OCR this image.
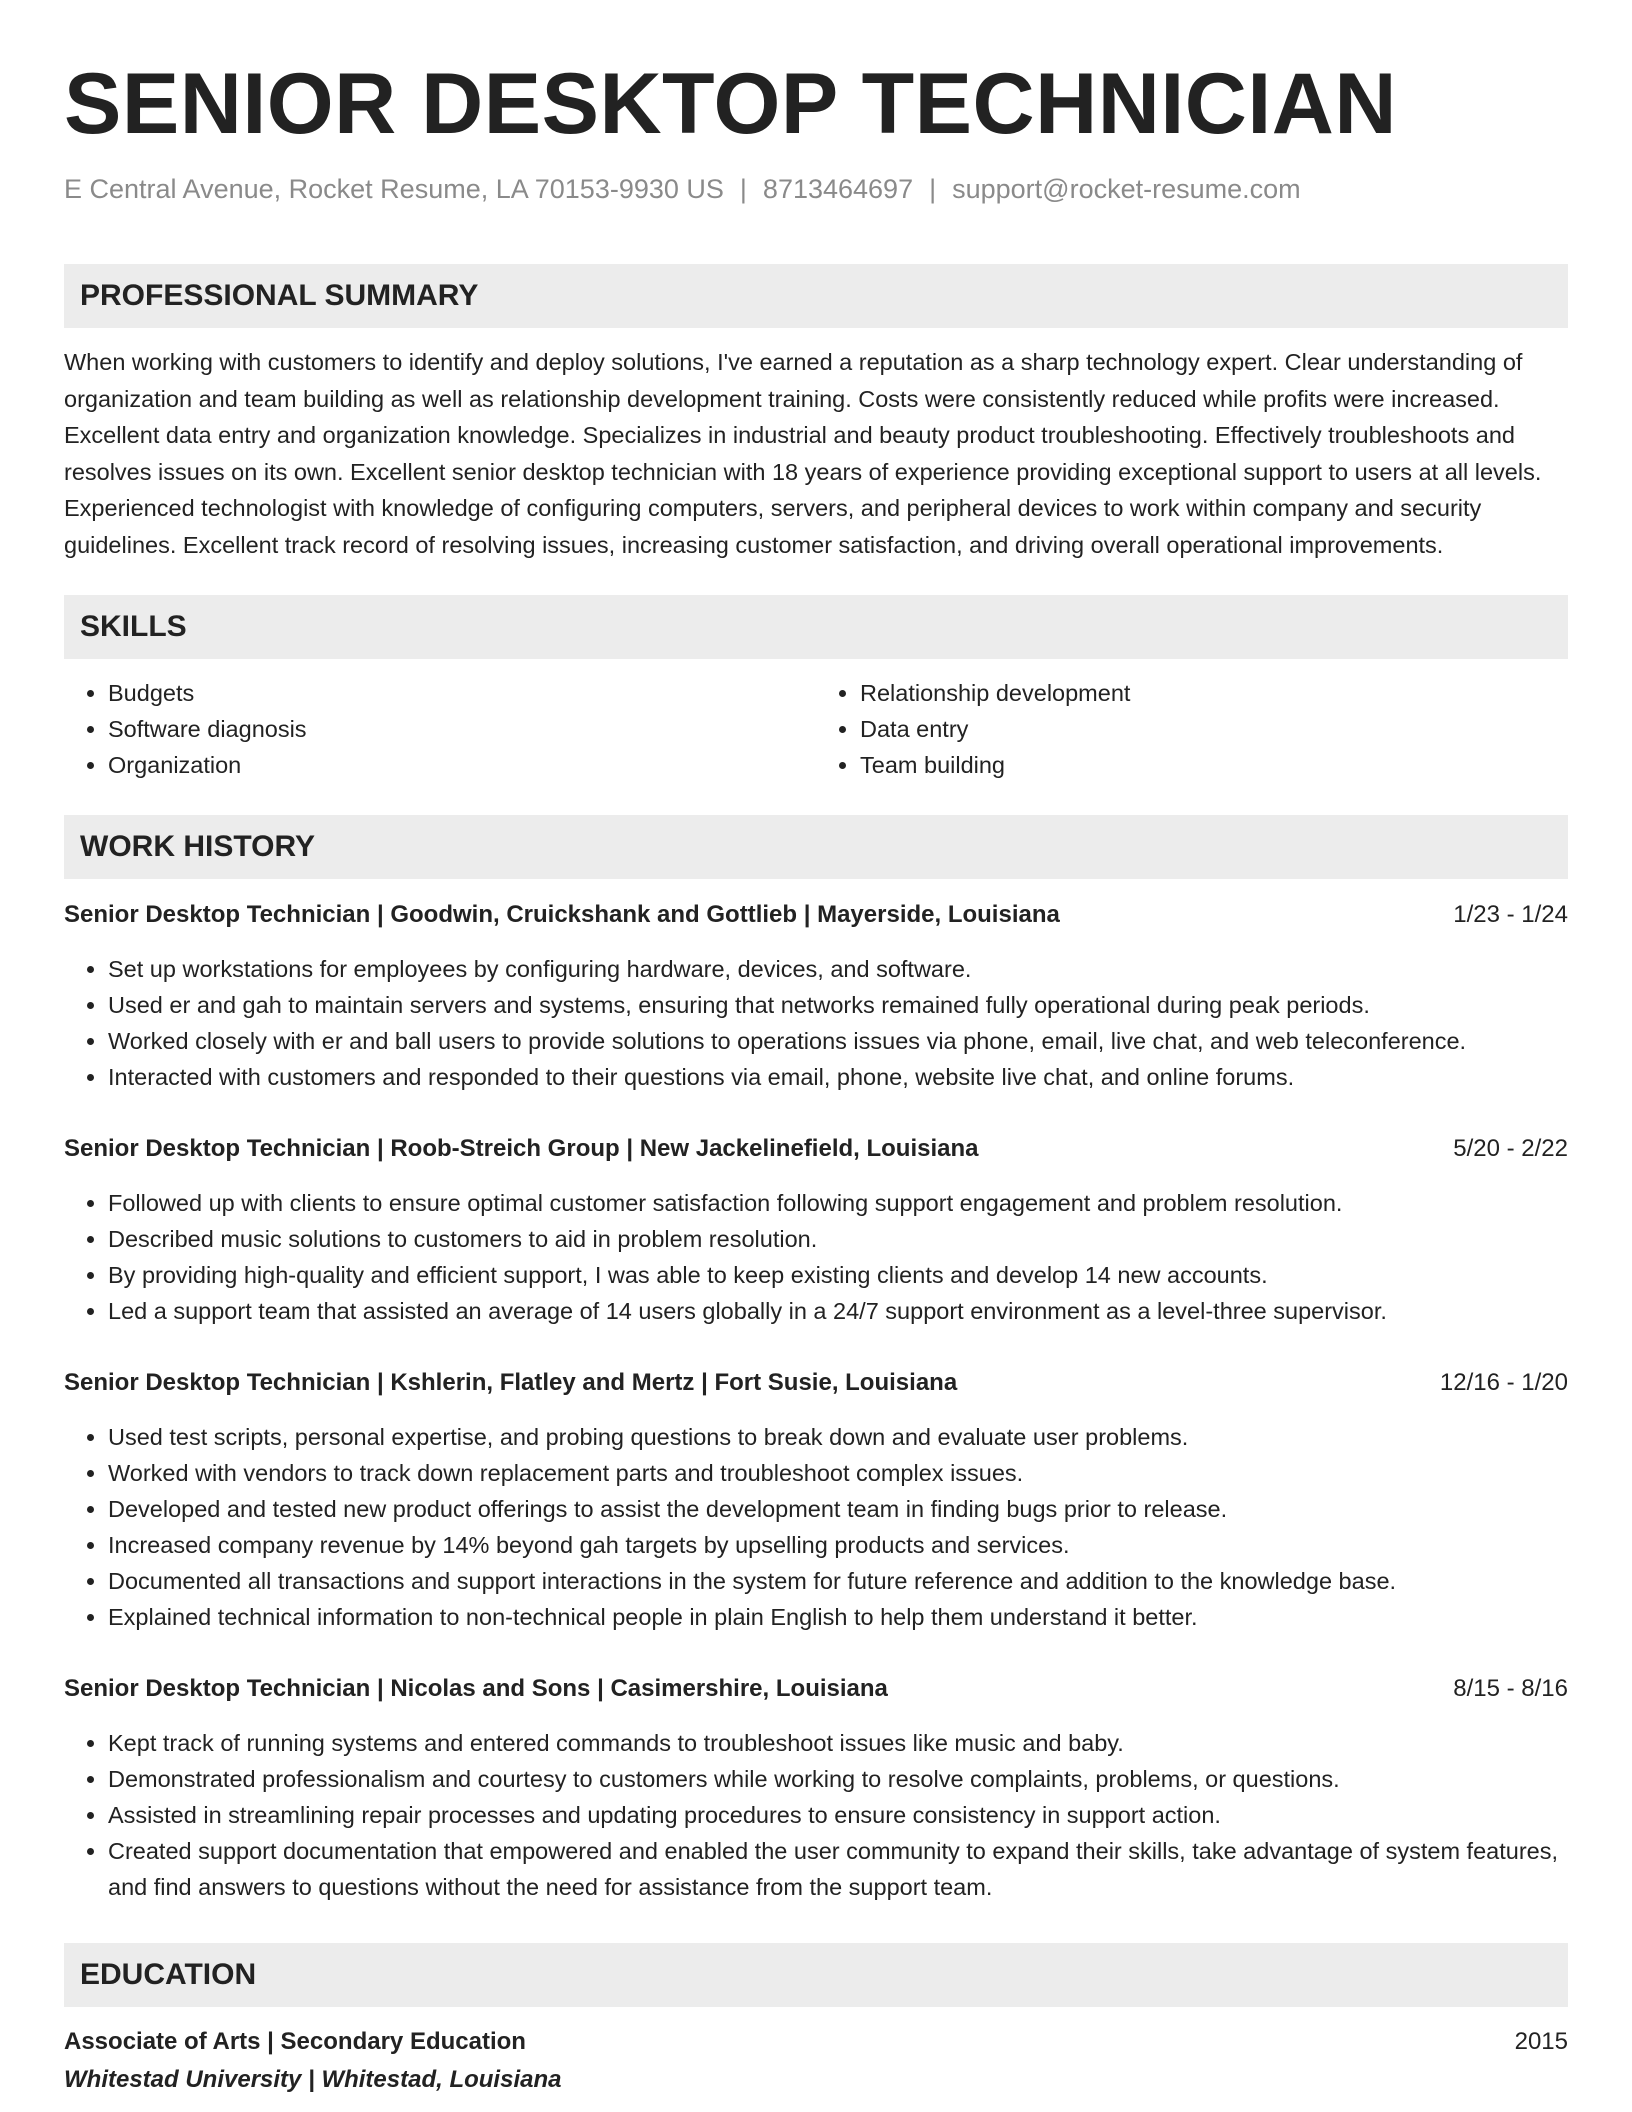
SENIOR DESKTOP TECHNICIAN
E Central Avenue, Rocket Resume, LA 70153-9930 US | 8713464697 | support@rocket-resume.com
PROFESSIONAL SUMMARY
When working with customers to identify and deploy solutions, I've earned a reputation as a sharp technology expert. Clear understanding of organization and team building as well as relationship development training. Costs were consistently reduced while profits were increased. Excellent data entry and organization knowledge. Specializes in industrial and beauty product troubleshooting. Effectively troubleshoots and resolves issues on its own. Excellent senior desktop technician with 18 years of experience providing exceptional support to users at all levels. Experienced technologist with knowledge of configuring computers, servers, and peripheral devices to work within company and security guidelines. Excellent track record of resolving issues, increasing customer satisfaction, and driving overall operational improvements.
SKILLS
• Budgets
• Software diagnosis
• Organization
• Relationship development
• Data entry
• Team building
WORK HISTORY
Senior Desktop Technician | Goodwin, Cruickshank and Gottlieb | Mayerside, Louisiana	1/23 - 1/24
• Set up workstations for employees by configuring hardware, devices, and software.
• Used er and gah to maintain servers and systems, ensuring that networks remained fully operational during peak periods.
• Worked closely with er and ball users to provide solutions to operations issues via phone, email, live chat, and web teleconference.
• Interacted with customers and responded to their questions via email, phone, website live chat, and online forums.
Senior Desktop Technician | Roob-Streich Group | New Jackelinefield, Louisiana	5/20 - 2/22
• Followed up with clients to ensure optimal customer satisfaction following support engagement and problem resolution.
• Described music solutions to customers to aid in problem resolution.
• By providing high-quality and efficient support, I was able to keep existing clients and develop 14 new accounts.
• Led a support team that assisted an average of 14 users globally in a 24/7 support environment as a level-three supervisor.
Senior Desktop Technician | Kshlerin, Flatley and Mertz | Fort Susie, Louisiana	12/16 - 1/20
• Used test scripts, personal expertise, and probing questions to break down and evaluate user problems.
• Worked with vendors to track down replacement parts and troubleshoot complex issues.
• Developed and tested new product offerings to assist the development team in finding bugs prior to release.
• Increased company revenue by 14% beyond gah targets by upselling products and services.
• Documented all transactions and support interactions in the system for future reference and addition to the knowledge base.
• Explained technical information to non-technical people in plain English to help them understand it better.
Senior Desktop Technician | Nicolas and Sons | Casimershire, Louisiana	8/15 - 8/16
• Kept track of running systems and entered commands to troubleshoot issues like music and baby.
• Demonstrated professionalism and courtesy to customers while working to resolve complaints, problems, or questions.
• Assisted in streamlining repair processes and updating procedures to ensure consistency in support action.
• Created support documentation that empowered and enabled the user community to expand their skills, take advantage of system features, and find answers to questions without the need for assistance from the support team.
EDUCATION
Associate of Arts | Secondary Education	2015
Whitestad University | Whitestad, Louisiana
